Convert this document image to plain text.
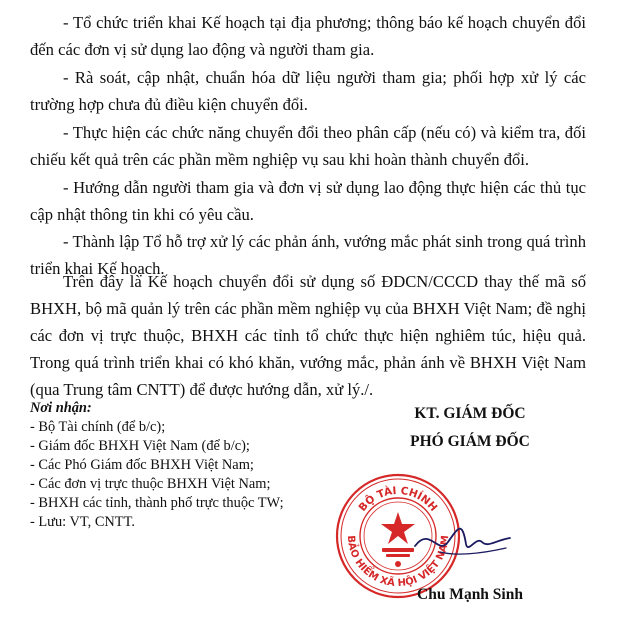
- Tổ chức triển khai Kế hoạch tại địa phương; thông báo kế hoạch chuyển đổi đến các đơn vị sử dụng lao động và người tham gia.

- Rà soát, cập nhật, chuẩn hóa dữ liệu người tham gia; phối hợp xử lý các trường hợp chưa đủ điều kiện chuyển đổi.

- Thực hiện các chức năng chuyển đổi theo phân cấp (nếu có) và kiểm tra, đối chiếu kết quả trên các phần mềm nghiệp vụ sau khi hoàn thành chuyển đổi.

- Hướng dẫn người tham gia và đơn vị sử dụng lao động thực hiện các thủ tục cập nhật thông tin khi có yêu cầu.

- Thành lập Tổ hỗ trợ xử lý các phản ánh, vướng mắc phát sinh trong quá trình triển khai Kế hoạch.

Trên đây là Kế hoạch chuyển đổi sử dụng số ĐDCN/CCCD thay thế mã số BHXH, bộ mã quản lý trên các phần mềm nghiệp vụ của BHXH Việt Nam; đề nghị các đơn vị trực thuộc, BHXH các tỉnh tổ chức thực hiện nghiêm túc, hiệu quả. Trong quá trình triển khai có khó khăn, vướng mắc, phản ánh về BHXH Việt Nam (qua Trung tâm CNTT) để được hướng dẫn, xử lý./.

Nơi nhận:
- Bộ Tài chính (để b/c);
- Giám đốc BHXH Việt Nam (để b/c);
- Các Phó Giám đốc BHXH Việt Nam;
- Các đơn vị trực thuộc BHXH Việt Nam;
- BHXH các tỉnh, thành phố trực thuộc TW;
- Lưu: VT, CNTT.
KT. GIÁM ĐỐC
PHÓ GIÁM ĐỐC
BỘ TÀI CHÍNH
BẢO HIỂM XÃ HỘI VIỆT NAM
Chu Mạnh Sinh
